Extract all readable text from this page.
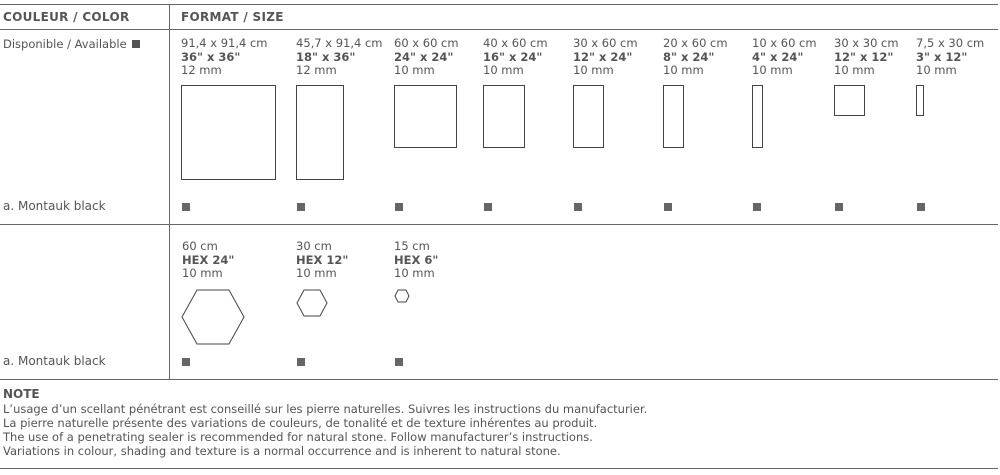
COULEUR / COLOR	FORMAT / SIZE
Disponible / Available	91,4 x 91,4 cm
36" x 36"
12 mm
45,7 x 91,4 cm
18" x 36"
12 mm
60 x 60 cm
24" x 24"
10 mm
40 x 60 cm
16" x 24"
10 mm
30 x 60 cm
12" x 24"
10 mm
20 x 60 cm
8" x 24"
10 mm
10 x 60 cm
4" x 24"
10 mm
30 x 30 cm
12" x 12"
10 mm
7,5 x 30 cm
3" x 12"
10 mm
a. Montauk black
60 cm
HEX 24"
10 mm
30 cm
HEX 12"
10 mm
15 cm
HEX 6"
10 mm
a. Montauk black
NOTE
L’usage d’un scellant pénétrant est conseillé sur les pierre naturelles. Suivres les instructions du manufacturier.
La pierre naturelle présente des variations de couleurs, de tonalité et de texture inhérentes au produit.
The use of a penetrating sealer is recommended for natural stone. Follow manufacturer’s instructions.
Variations in colour, shading and texture is a normal occurrence and is inherent to natural stone.
